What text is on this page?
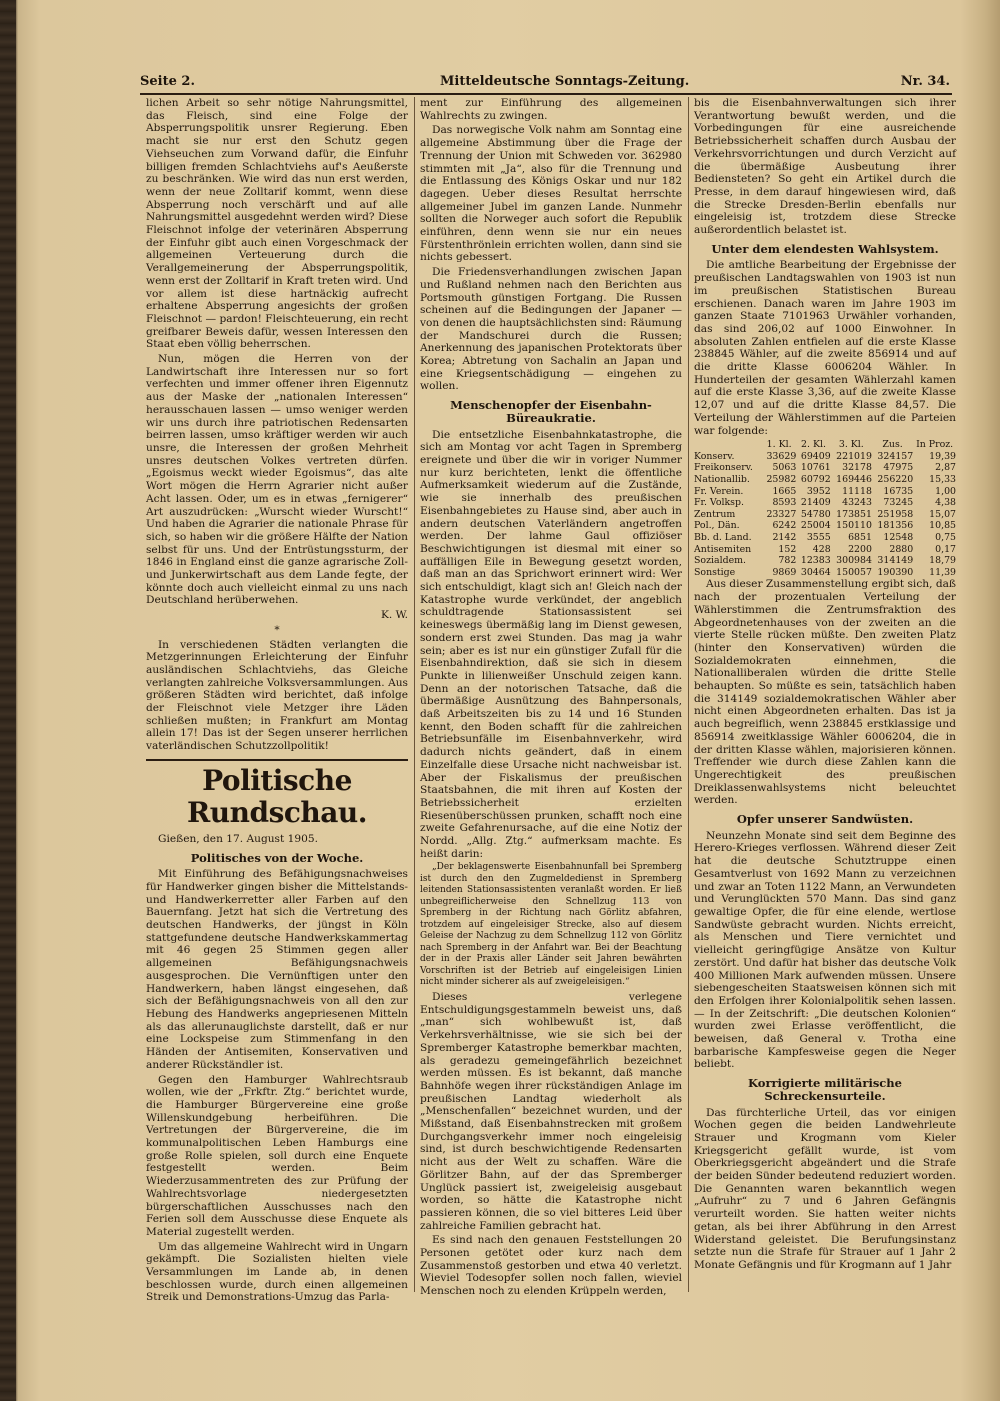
Seite 2.	Mitteldeutsche Sonntags-Zeitung.	Nr. 34.

lichen Arbeit so sehr nötige Nahrungsmittel, das Fleisch, sind eine Folge der Absperrungspolitik unsrer Regierung. Eben macht sie nur erst den Schutz gegen Viehseuchen zum Vorwand dafür, die Einfuhr billigen fremden Schlachtviehs auf's Aeußerste zu beschränken. Wie wird das nun erst werden, wenn der neue Zolltarif kommt, wenn diese Absperrung noch verschärft und auf alle Nahrungsmittel ausgedehnt werden wird? Diese Fleischnot infolge der veterinären Absperrung der Einfuhr gibt auch einen Vorgeschmack der allgemeinen Verteuerung durch die Verallgemeinerung der Absperrungspolitik, wenn erst der Zolltarif in Kraft treten wird. Und vor allem ist diese hartnäckig aufrecht erhaltene Absperrung angesichts der großen Fleischnot — pardon! Fleischteuerung, ein recht greifbarer Beweis dafür, wessen Interessen den Staat eben völlig beherrschen.

Nun, mögen die Herren von der Landwirtschaft ihre Interessen nur so fort verfechten und immer offener ihren Eigennutz aus der Maske der „nationalen Interessen“ herausschauen lassen — umso weniger werden wir uns durch ihre patriotischen Redensarten beirren lassen, umso kräftiger werden wir auch unsre, die Interessen der großen Mehrheit unsres deutschen Volkes vertreten dürfen. „Egoismus weckt wieder Egoismus“, das alte Wort mögen die Herrn Agrarier nicht außer Acht lassen. Oder, um es in etwas „fernigerer“ Art auszudrücken: „Wurscht wieder Wurscht!“ Und haben die Agrarier die nationale Phrase für sich, so haben wir die größere Hälfte der Nation selbst für uns. Und der Entrüstungssturm, der 1846 in England einst die ganze agrarische Zoll- und Junkerwirtschaft aus dem Lande fegte, der könnte doch auch vielleicht einmal zu uns nach Deutschland herüberwehen.

K. W.
*

In verschiedenen Städten verlangten die Metzgerinnungen Erleichterung der Einfuhr ausländischen Schlachtviehs, das Gleiche verlangten zahlreiche Volksversammlungen. Aus größeren Städten wird berichtet, daß infolge der Fleischnot viele Metzger ihre Läden schließen mußten; in Frankfurt am Montag allein 17! Das ist der Segen unserer herrlichen vaterländischen Schutzzollpolitik!

Politische Rundschau.

Gießen, den 17. August 1905.

Politisches von der Woche.

Mit Einführung des Befähigungsnachweises für Handwerker gingen bisher die Mittelstands- und Handwerkerretter aller Farben auf den Bauernfang. Jetzt hat sich die Vertretung des deutschen Handwerks, der jüngst in Köln stattgefundene deutsche Handwerkskammertag mit 46 gegen 25 Stimmen gegen aller allgemeinen Befähigungsnachweis ausgesprochen. Die Vernünftigen unter den Handwerkern, haben längst eingesehen, daß sich der Befähigungsnachweis von all den zur Hebung des Handwerks angepriesenen Mitteln als das allerunauglichste darstellt, daß er nur eine Lockspeise zum Stimmenfang in den Händen der Antisemiten, Konservativen und anderer Rückständler ist.

Gegen den Hamburger Wahlrechtsraub wollen, wie der „Frkftr. Ztg.“ berichtet wurde, die Hamburger Bürgervereine eine große Willenskundgebung herbeiführen. Die Vertretungen der Bürgervereine, die im kommunalpolitischen Leben Hamburgs eine große Rolle spielen, soll durch eine Enquete festgestellt werden. Beim Wiederzusammentreten des zur Prüfung der Wahlrechtsvorlage niedergesetzten bürgerschaftlichen Ausschusses nach den Ferien soll dem Ausschusse diese Enquete als Material zugestellt werden.

Um das allgemeine Wahlrecht wird in Ungarn gekämpft. Die Sozialisten hielten viele Versammlungen im Lande ab, in denen beschlossen wurde, durch einen allgemeinen Streik und Demonstrations-Umzug das Parla-

ment zur Einführung des allgemeinen Wahlrechts zu zwingen.

Das norwegische Volk nahm am Sonntag eine allgemeine Abstimmung über die Frage der Trennung der Union mit Schweden vor. 362980 stimmten mit „Ja“, also für die Trennung und die Entlassung des Königs Oskar und nur 182 dagegen. Ueber dieses Resultat herrschte allgemeiner Jubel im ganzen Lande. Nunmehr sollten die Norweger auch sofort die Republik einführen, denn wenn sie nur ein neues Fürstenthrönlein errichten wollen, dann sind sie nichts gebessert.

Die Friedensverhandlungen zwischen Japan und Rußland nehmen nach den Berichten aus Portsmouth günstigen Fortgang. Die Russen scheinen auf die Bedingungen der Japaner — von denen die hauptsächlichsten sind: Räumung der Mandschurei durch die Russen; Anerkennung des japanischen Protektorats über Korea; Abtretung von Sachalin an Japan und eine Kriegsentschädigung — eingehen zu wollen.

Menschenopfer der Eisenbahn-Büreaukratie.

Die entsetzliche Eisenbahnkatastrophe, die sich am Montag vor acht Tagen in Spremberg ereignete und über die wir in voriger Nummer nur kurz berichteten, lenkt die öffentliche Aufmerksamkeit wiederum auf die Zustände, wie sie innerhalb des preußischen Eisenbahngebietes zu Hause sind, aber auch in andern deutschen Vaterländern angetroffen werden. Der lahme Gaul offiziöser Beschwichtigungen ist diesmal mit einer so auffälligen Eile in Bewegung gesetzt worden, daß man an das Sprichwort erinnert wird: Wer sich entschuldigt, klagt sich an! Gleich nach der Katastrophe wurde verkündet, der angeblich schuldtragende Stationsassistent sei keineswegs übermäßig lang im Dienst gewesen, sondern erst zwei Stunden. Das mag ja wahr sein; aber es ist nur ein günstiger Zufall für die Eisenbahndirektion, daß sie sich in diesem Punkte in lilienweißer Unschuld zeigen kann. Denn an der notorischen Tatsache, daß die übermäßige Ausnützung des Bahnpersonals, daß Arbeitszeiten bis zu 14 und 16 Stunden kennt, den Boden schafft für die zahlreichen Betriebsunfälle im Eisenbahnverkehr, wird dadurch nichts geändert, daß in einem Einzelfalle diese Ursache nicht nachweisbar ist. Aber der Fiskalismus der preußischen Staatsbahnen, die mit ihren auf Kosten der Betriebssicherheit erzielten Riesenüberschüssen prunken, schafft noch eine zweite Gefahrenursache, auf die eine Notiz der Nordd. „Allg. Ztg.“ aufmerksam machte. Es heißt darin:

„Der beklagenswerte Eisenbahnunfall bei Spremberg ist durch den den Zugmeldedienst in Spremberg leitenden Stationsassistenten veranlaßt worden. Er ließ unbegreiflicherweise den Schnellzug 113 von Spremberg in der Richtung nach Görlitz abfahren, trotzdem auf eingeleisiger Strecke, also auf diesem Geleise der Nachzug zu dem Schnellzug 112 von Görlitz nach Spremberg in der Anfahrt war. Bei der Beachtung der in der Praxis aller Länder seit Jahren bewährten Vorschriften ist der Betrieb auf eingeleisigen Linien nicht minder sicherer als auf zweigeleisigen.“

Dieses verlegene Entschuldigungsgestammeln beweist uns, daß „man“ sich wohlbewußt ist, daß Verkehrsverhältnisse, wie sie sich bei der Spremberger Katastrophe bemerkbar machten, als geradezu gemeingefährlich bezeichnet werden müssen. Es ist bekannt, daß manche Bahnhöfe wegen ihrer rückständigen Anlage im preußischen Landtag wiederholt als „Menschenfallen“ bezeichnet wurden, und der Mißstand, daß Eisenbahnstrecken mit großem Durchgangsverkehr immer noch eingeleisig sind, ist durch beschwichtigende Redensarten nicht aus der Welt zu schaffen. Wäre die Görlitzer Bahn, auf der das Spremberger Unglück passiert ist, zweigeleisig ausgebaut worden, so hätte die Katastrophe nicht passieren können, die so viel bitteres Leid über zahlreiche Familien gebracht hat.

Es sind nach den genauen Feststellungen 20 Personen getötet oder kurz nach dem Zusammenstoß gestorben und etwa 40 verletzt. Wieviel Todesopfer sollen noch fallen, wieviel Menschen noch zu elenden Krüppeln werden,

bis die Eisenbahnverwaltungen sich ihrer Verantwortung bewußt werden, und die Vorbedingungen für eine ausreichende Betriebssicherheit schaffen durch Ausbau der Verkehrsvorrichtungen und durch Verzicht auf die übermäßige Ausbeutung ihrer Bediensteten? So geht ein Artikel durch die Presse, in dem darauf hingewiesen wird, daß die Strecke Dresden-Berlin ebenfalls nur eingeleisig ist, trotzdem diese Strecke außerordentlich belastet ist.

Unter dem elendesten Wahlsystem.

Die amtliche Bearbeitung der Ergebnisse der preußischen Landtagswahlen von 1903 ist nun im preußischen Statistischen Bureau erschienen. Danach waren im Jahre 1903 im ganzen Staate 7101963 Urwähler vorhanden, das sind 206,02 auf 1000 Einwohner. In absoluten Zahlen entfielen auf die erste Klasse 238845 Wähler, auf die zweite 856914 und auf die dritte Klasse 6006204 Wähler. In Hunderteilen der gesamten Wählerzahl kamen auf die erste Klasse 3,36, auf die zweite Klasse 12,07 und auf die dritte Klasse 84,57. Die Verteilung der Wählerstimmen auf die Parteien war folgende:

	1. Kl.	2. Kl.	3. Kl.	Zus.	In Proz.
Konserv.	33629	69409	221019	324157	19,39
Freikonserv.	5063	10761	32178	47975	2,87
Nationallib.	25982	60792	169446	256220	15,33
Fr. Verein.	1665	3952	11118	16735	1,00
Fr. Volksp.	8593	21409	43243	73245	4,38
Zentrum	23327	54780	173851	251958	15,07
Pol., Dän.	6242	25004	150110	181356	10,85
Bb. d. Land.	2142	3555	6851	12548	0,75
Antisemiten	152	428	2200	2880	0,17
Sozialdem.	782	12383	300984	314149	18,79
Sonstige	9869	30464	150057	190390	11,39

Aus dieser Zusammenstellung ergibt sich, daß nach der prozentualen Verteilung der Wählerstimmen die Zentrumsfraktion des Abgeordnetenhauses von der zweiten an die vierte Stelle rücken müßte. Den zweiten Platz (hinter den Konservativen) würden die Sozialdemokraten einnehmen, die Nationalliberalen würden die dritte Stelle behaupten. So müßte es sein, tatsächlich haben die 314149 sozialdemokratischen Wähler aber nicht einen Abgeordneten erhalten. Das ist ja auch begreiflich, wenn 238845 erstklassige und 856914 zweitklassige Wähler 6006204, die in der dritten Klasse wählen, majorisieren können. Treffender wie durch diese Zahlen kann die Ungerechtigkeit des preußischen Dreiklassenwahlsystems nicht beleuchtet werden.

Opfer unserer Sandwüsten.

Neunzehn Monate sind seit dem Beginne des Herero-Krieges verflossen. Während dieser Zeit hat die deutsche Schutztruppe einen Gesamtverlust von 1692 Mann zu verzeichnen und zwar an Toten 1122 Mann, an Verwundeten und Verunglückten 570 Mann. Das sind ganz gewaltige Opfer, die für eine elende, wertlose Sandwüste gebracht wurden. Nichts erreicht, als Menschen und Tiere vernichtet und vielleicht geringfügige Ansätze von Kultur zerstört. Und dafür hat bisher das deutsche Volk 400 Millionen Mark aufwenden müssen. Unsere siebengescheiten Staatsweisen können sich mit den Erfolgen ihrer Kolonialpolitik sehen lassen. — In der Zeitschrift: „Die deutschen Kolonien“ wurden zwei Erlasse veröffentlicht, die beweisen, daß General v. Trotha eine barbarische Kampfesweise gegen die Neger beliebt.

Korrigierte militärische Schreckensurteile.

Das fürchterliche Urteil, das vor einigen Wochen gegen die beiden Landwehrleute Strauer und Krogmann vom Kieler Kriegsgericht gefällt wurde, ist vom Oberkriegsgericht abgeändert und die Strafe der beiden Sünder bedeutend reduziert worden. Die Genannten waren bekanntlich wegen „Aufruhr“ zu 7 und 6 Jahren Gefängnis verurteilt worden. Sie hatten weiter nichts getan, als bei ihrer Abführung in den Arrest Widerstand geleistet. Die Berufungsinstanz setzte nun die Strafe für Strauer auf 1 Jahr 2 Monate Gefängnis und für Krogmann auf 1 Jahr
